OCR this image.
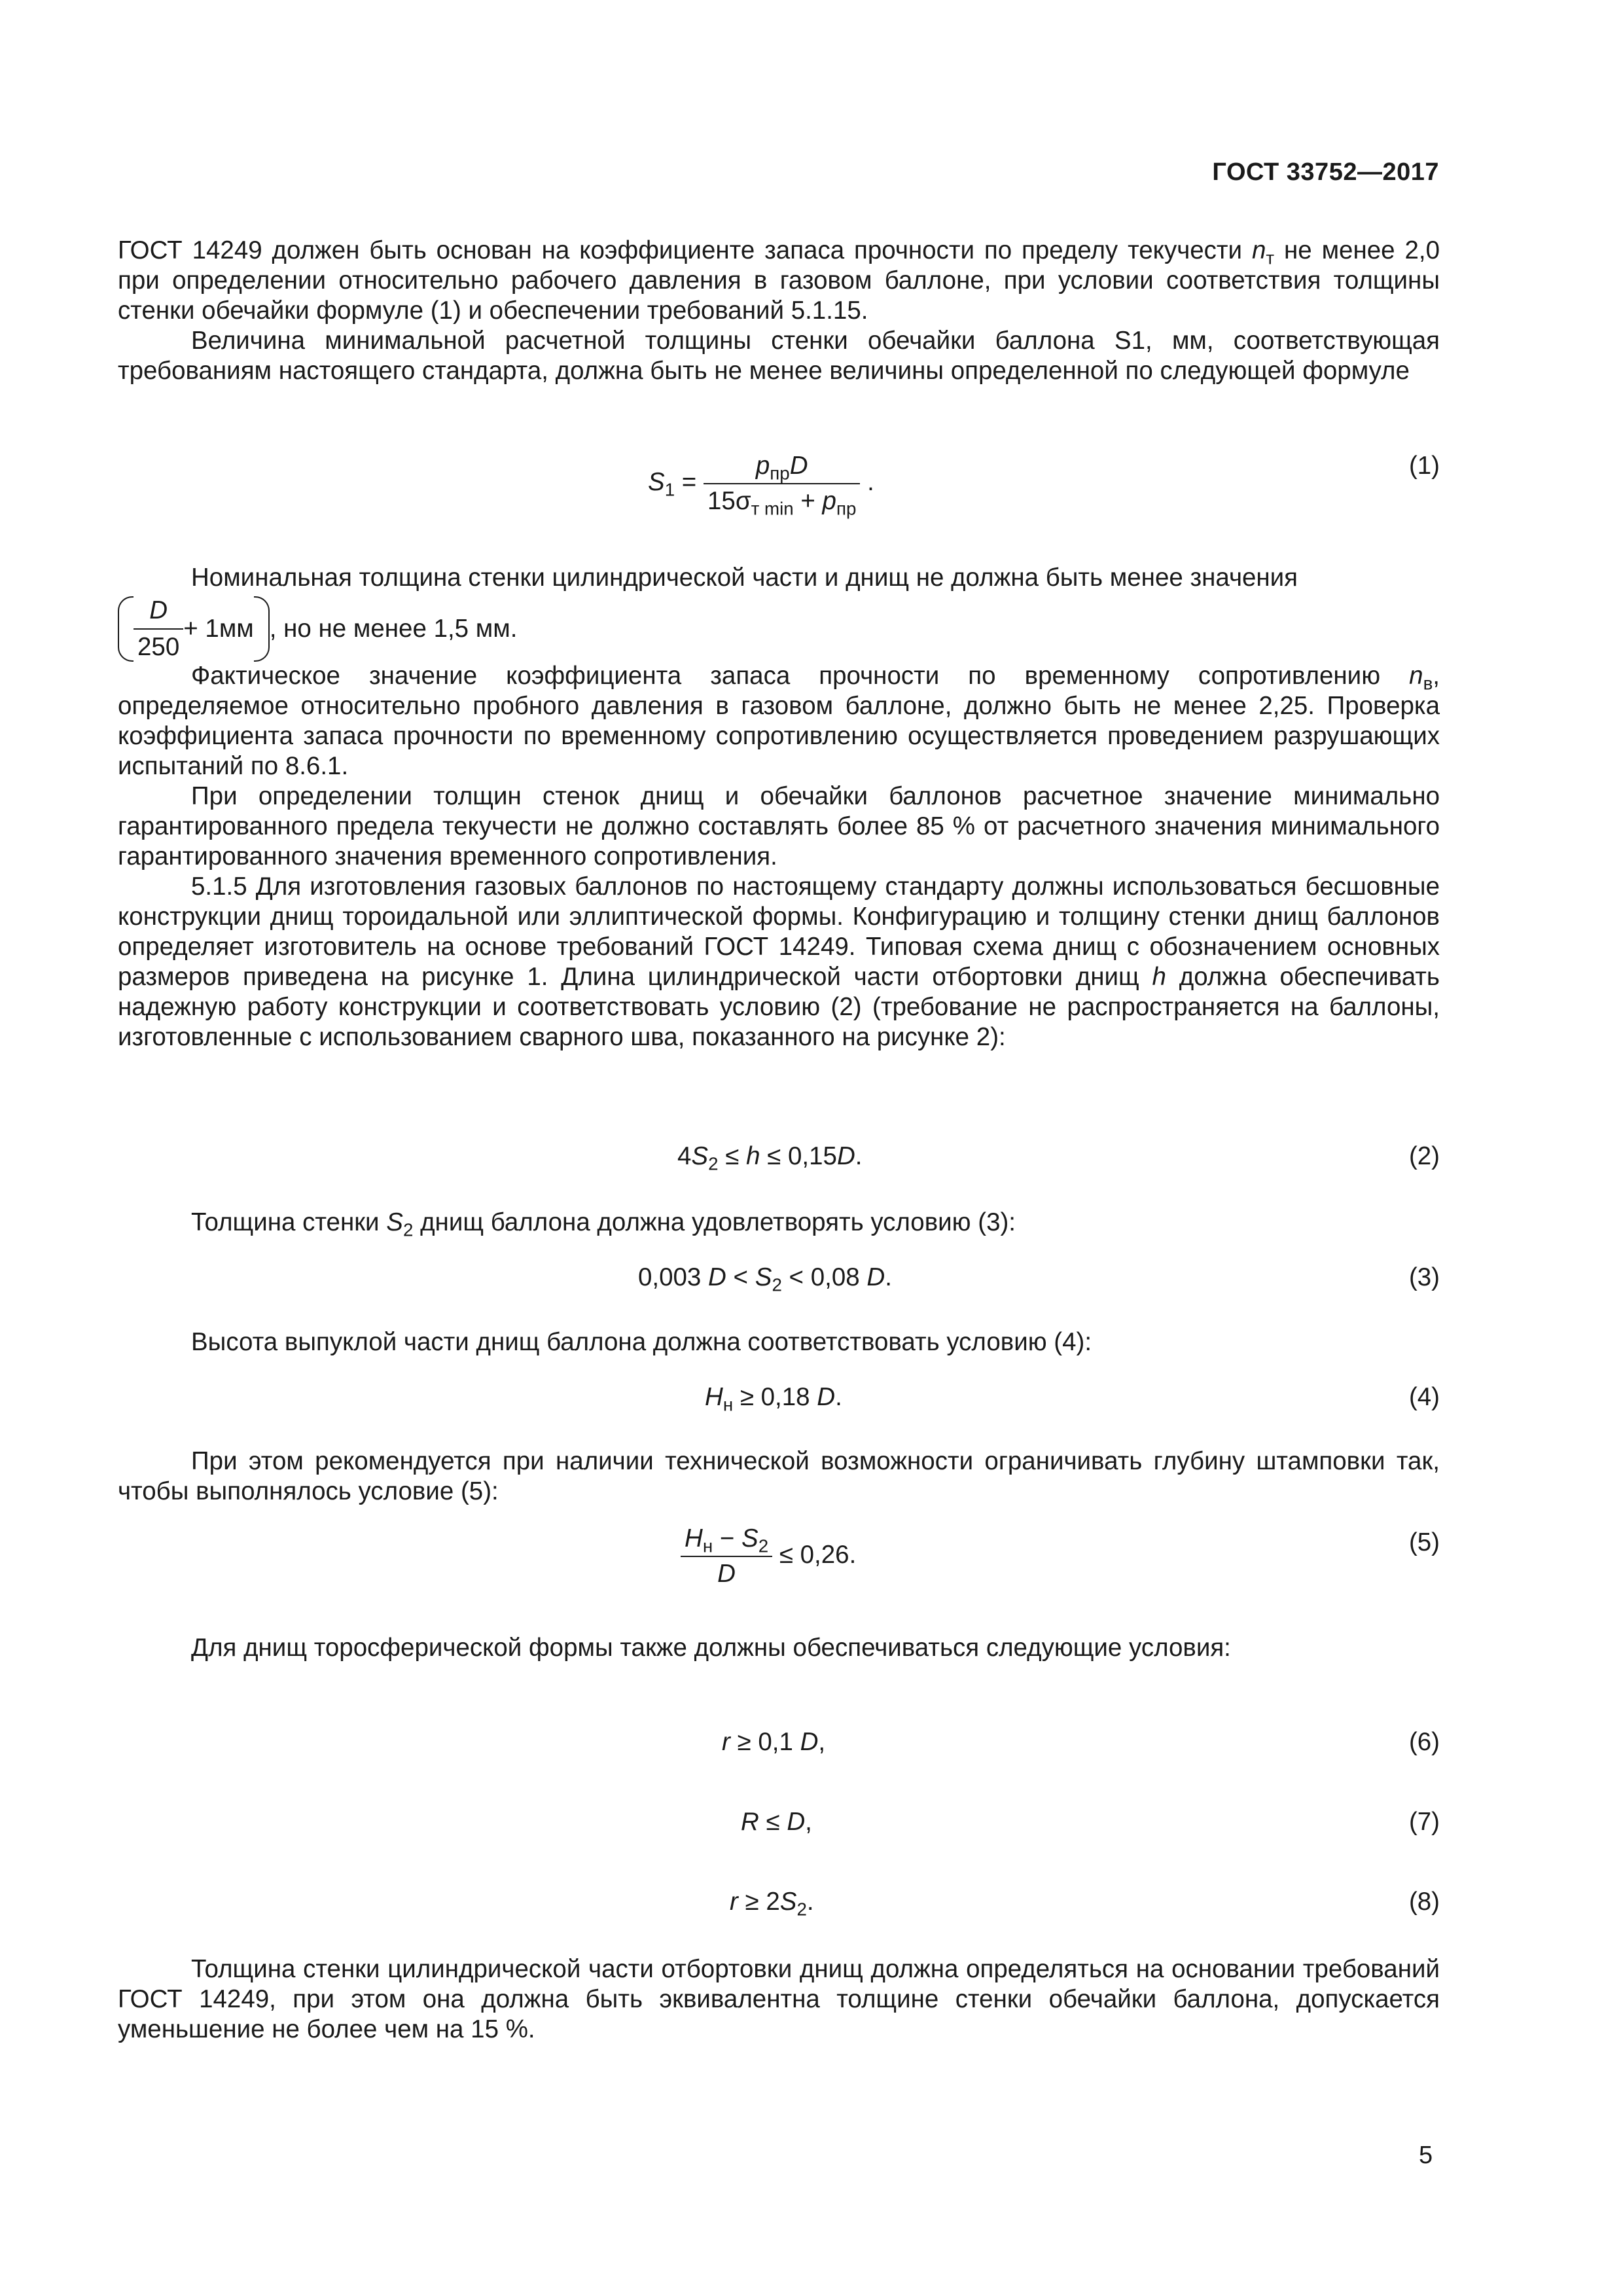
ГОСТ 33752—2017

ГОСТ 14249 должен быть основан на коэффициенте запаса прочности по пределу текучести $n_т$ не менее 2,0 при определении относительно рабочего давления в газовом баллоне, при условии соответствия толщины стенки обечайки формуле (1) и обеспечении требований 5.1.15.

Величина минимальной расчетной толщины стенки обечайки баллона S1, мм, соответствующая требованиям настоящего стандарта, должна быть не менее величины определенной по следующей формуле

$S_1 = \frac{p_{пр}D}{15\sigma_{т min} + p_{пр}}$ .
(1)

Номинальная толщина стенки цилиндрической части и днищ не должна быть менее значения

$\frac{D}{250} + 1мм$ , но не менее 1,5 мм.

Фактическое значение коэффициента запаса прочности по временному сопротивлению $n_в$, определяемое относительно пробного давления в газовом баллоне, должно быть не менее 2,25. Проверка коэффициента запаса прочности по временному сопротивлению осуществляется проведением разрушающих испытаний по 8.6.1.

При определении толщин стенок днищ и обечайки баллонов расчетное значение минимально гарантированного предела текучести не должно составлять более 85 % от расчетного значения минимального гарантированного значения временного сопротивления.

5.1.5 Для изготовления газовых баллонов по настоящему стандарту должны использоваться бесшовные конструкции днищ тороидальной или эллиптической формы. Конфигурацию и толщину стенки днищ баллонов определяет изготовитель на основе требований ГОСТ 14249. Типовая схема днищ с обозначением основных размеров приведена на рисунке 1. Длина цилиндрической части отбортовки днищ h должна обеспечивать надежную работу конструкции и соответствовать условию (2) (требование не распространяется на баллоны, изготовленные с использованием сварного шва, показанного на рисунке 2):

$4S_2 \le h \le 0,15D$.	(2)

Толщина стенки $S_2$ днищ баллона должна удовлетворять условию (3):

0,003 $D < S_2 < 0,08$ D.	(3)

Высота выпуклой части днищ баллона должна соответствовать условию (4):

$H_н \ge 0,18$ D.	(4)

При этом рекомендуется при наличии технической возможности ограничивать глубину штамповки так, чтобы выполнялось условие (5):

$\frac{H_н - S_2}{D} \le 0,26$.	(5)

Для днищ торосферической формы также должны обеспечиваться следующие условия:

r ≥ 0,1 D,	(6)
R ≤ D,	(7)
$r \ge 2S_2$.	(8)

Толщина стенки цилиндрической части отбортовки днищ должна определяться на основании требований ГОСТ 14249, при этом она должна быть эквивалентна толщине стенки обечайки баллона, допускается уменьшение не более чем на 15 %.

5
